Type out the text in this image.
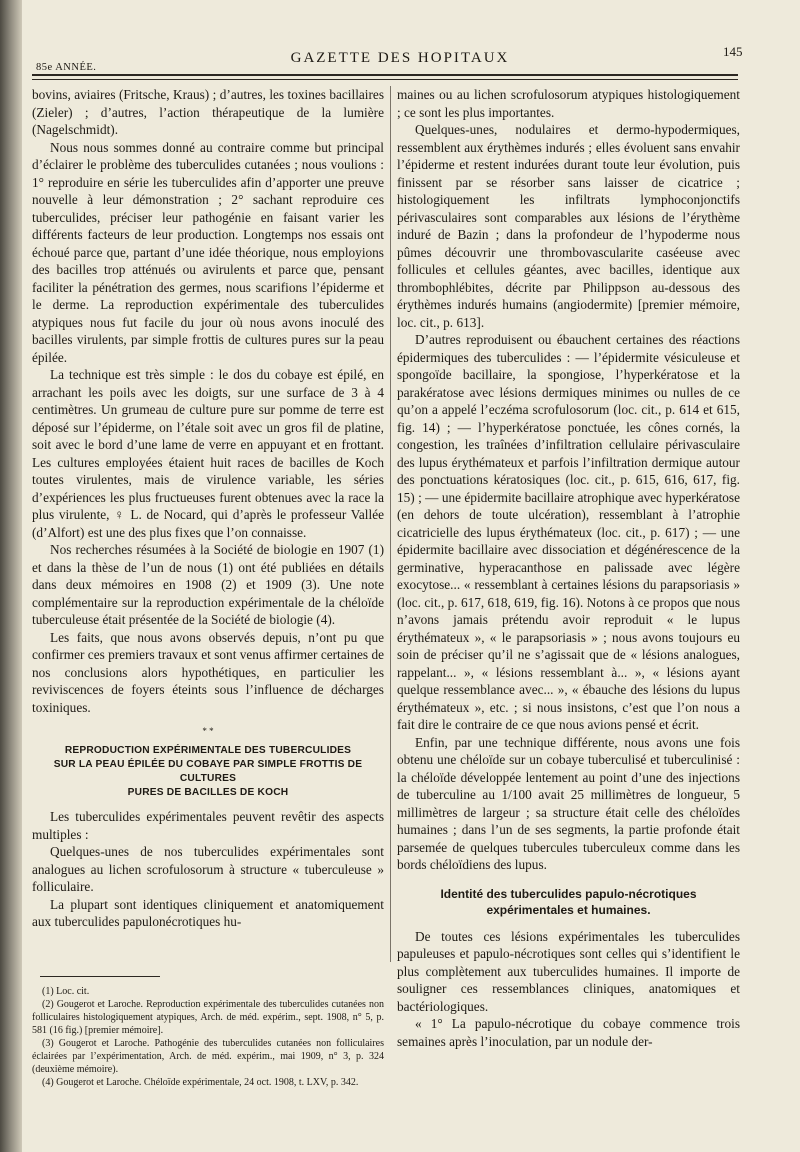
85e ANNÉE.
GAZETTE DES HOPITAUX	145

bovins, aviaires (Fritsche, Kraus) ; d’autres, les toxines bacillaires (Zieler) ; d’autres, l’action thérapeutique de la lumière (Nagelschmidt).

Nous nous sommes donné au contraire comme but principal d’éclairer le problème des tuberculides cutanées ; nous voulions : 1° reproduire en série les tuberculides afin d’apporter une preuve nouvelle à leur démonstration ; 2° sachant reproduire ces tuberculides, préciser leur pathogénie en faisant varier les différents facteurs de leur production. Longtemps nos essais ont échoué parce que, partant d’une idée théorique, nous employions des bacilles trop atténués ou avirulents et parce que, pensant faciliter la pénétration des germes, nous scarifions l’épiderme et le derme. La reproduction expérimentale des tuberculides atypiques nous fut facile du jour où nous avons inoculé des bacilles virulents, par simple frottis de cultures pures sur la peau épilée.

La technique est très simple : le dos du cobaye est épilé, en arrachant les poils avec les doigts, sur une surface de 3 à 4 centimètres. Un grumeau de culture pure sur pomme de terre est déposé sur l’épiderme, on l’étale soit avec un gros fil de platine, soit avec le bord d’une lame de verre en appuyant et en frottant. Les cultures employées étaient huit races de bacilles de Koch toutes virulentes, mais de virulence variable, les séries d’expériences les plus fructueuses furent obtenues avec la race la plus virulente, ♀ L. de Nocard, qui d’après le professeur Vallée (d’Alfort) est une des plus fixes que l’on connaisse.

Nos recherches résumées à la Société de biologie en 1907 (1) et dans la thèse de l’un de nous (1) ont été publiées en détails dans deux mémoires en 1908 (2) et 1909 (3). Une note complémentaire sur la reproduction expérimentale de la chéloïde tuberculeuse était présentée de la Société de biologie (4).

Les faits, que nous avons observés depuis, n’ont pu que confirmer ces premiers travaux et sont venus affirmer certaines de nos conclusions alors hypothétiques, en particulier les reviviscences de foyers éteints sous l’influence de décharges toxiniques.

* *
REPRODUCTION EXPÉRIMENTALE DES TUBERCULIDES
SUR LA PEAU ÉPILÉE DU COBAYE PAR SIMPLE FROTTIS DE CULTURES
PURES DE BACILLES DE KOCH

Les tuberculides expérimentales peuvent revêtir des aspects multiples :

Quelques-unes de nos tuberculides expérimentales sont analogues au lichen scrofulosorum à structure « tuberculeuse » folliculaire.

La plupart sont identiques cliniquement et anatomiquement aux tuberculides papulonécrotiques hu-

(1) Loc. cit.

(2) Gougerot et Laroche. Reproduction expérimentale des tuberculides cutanées non folliculaires histologiquement atypiques, Arch. de méd. expérim., sept. 1908, n° 5, p. 581 (16 fig.) [premier mémoire].

(3) Gougerot et Laroche. Pathogénie des tuberculides cutanées non folliculaires éclairées par l’expérimentation, Arch. de méd. expérim., mai 1909, n° 3, p. 324 (deuxième mémoire).

(4) Gougerot et Laroche. Chéloïde expérimentale, 24 oct. 1908, t. LXV, p. 342.

maines ou au lichen scrofulosorum atypiques histologiquement ; ce sont les plus importantes.

Quelques-unes, nodulaires et dermo-hypodermiques, ressemblent aux érythèmes indurés ; elles évoluent sans envahir l’épiderme et restent indurées durant toute leur évolution, puis finissent par se résorber sans laisser de cicatrice ; histologiquement les infiltrats lymphoconjonctifs périvasculaires sont comparables aux lésions de l’érythème induré de Bazin ; dans la profondeur de l’hypoderme nous pûmes découvrir une thrombovascularite caséeuse avec follicules et cellules géantes, avec bacilles, identique aux thrombophlébites, décrite par Philippson au-dessous des érythèmes indurés humains (angiodermite) [premier mémoire, loc. cit., p. 613].

D’autres reproduisent ou ébauchent certaines des réactions épidermiques des tuberculides : — l’épidermite vésiculeuse et spongoïde bacillaire, la spongiose, l’hyperkératose et la parakératose avec lésions dermiques minimes ou nulles de ce qu’on a appelé l’eczéma scrofulosorum (loc. cit., p. 614 et 615, fig. 14) ; — l’hyperkératose ponctuée, les cônes cornés, la congestion, les traînées d’infiltration cellulaire périvasculaire des lupus érythémateux et parfois l’infiltration dermique autour des ponctuations kératosiques (loc. cit., p. 615, 616, 617, fig. 15) ; — une épidermite bacillaire atrophique avec hyperkératose (en dehors de toute ulcération), ressemblant à l’atrophie cicatricielle des lupus érythémateux (loc. cit., p. 617) ; — une épidermite bacillaire avec dissociation et dégénérescence de la germinative, hyperacanthose en palissade avec légère exocytose... « ressemblant à certaines lésions du parapsoriasis » (loc. cit., p. 617, 618, 619, fig. 16). Notons à ce propos que nous n’avons jamais prétendu avoir reproduit « le lupus érythémateux », « le parapsoriasis » ; nous avons toujours eu soin de préciser qu’il ne s’agissait que de « lésions analogues, rappelant... », « lésions ressemblant à... », « lésions ayant quelque ressemblance avec... », « ébauche des lésions du lupus érythémateux », etc. ; si nous insistons, c’est que l’on nous a fait dire le contraire de ce que nous avions pensé et écrit.

Enfin, par une technique différente, nous avons une fois obtenu une chéloïde sur un cobaye tuberculisé et tuberculinisé : la chéloïde développée lentement au point d’une des injections de tuberculine au 1/100 avait 25 millimètres de longueur, 5 millimètres de largeur ; sa structure était celle des chéloïdes humaines ; dans l’un de ses segments, la partie profonde était parsemée de quelques tubercules tuberculeux comme dans les bords chéloïdiens des lupus.

Identité des tuberculides papulo-nécrotiques
expérimentales et humaines.

De toutes ces lésions expérimentales les tuberculides papuleuses et papulo-nécrotiques sont celles qui s’identifient le plus complètement aux tuberculides humaines. Il importe de souligner ces ressemblances cliniques, anatomiques et bactériologiques.

« 1° La papulo-nécrotique du cobaye commence trois semaines après l’inoculation, par un nodule der-
